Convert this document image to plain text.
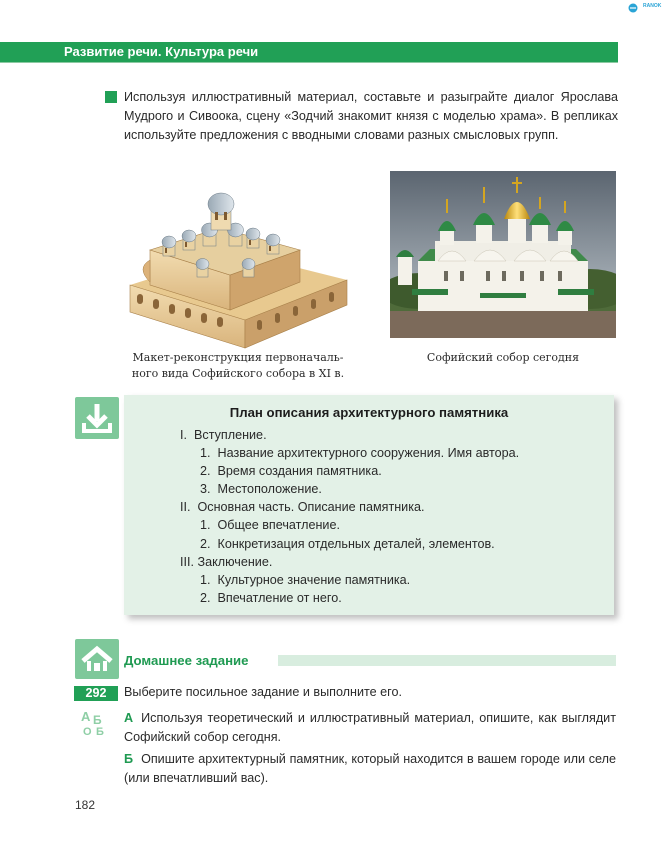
Развитие речи. Культура речи
RANOK
Используя иллюстративный материал, составьте и разыграйте диалог Ярослава Мудрого и Сивоока, сцену «Зодчий знакомит князя с моделью храма». В репликах используйте предложения с вводными словами разных смысловых групп.
Макет-реконструкция первоначаль-
ного вида Софийского собора в XI в.
Софийский собор сегодня
План описания архитектурного памятника
I.  Вступление.
1.  Название архитектурного сооружения. Имя автора.
2.  Время создания памятника.
3.  Местоположение.
II.  Основная часть. Описание памятника.
1.  Общее впечатление.
2.  Конкретизация отдельных деталей, элементов.
III. Заключение.
1.  Культурное значение памятника.
2.  Впечатление от него.
Домашнее задание
292	Выберите посильное задание и выполните его.
А Б
О Б
А Используя теоретический и иллюстративный материал, опишите, как выглядит Софийский собор сегодня.
Б Опишите архитектурный памятник, который находится в вашем городе или селе (или впечатливший вас).
182
